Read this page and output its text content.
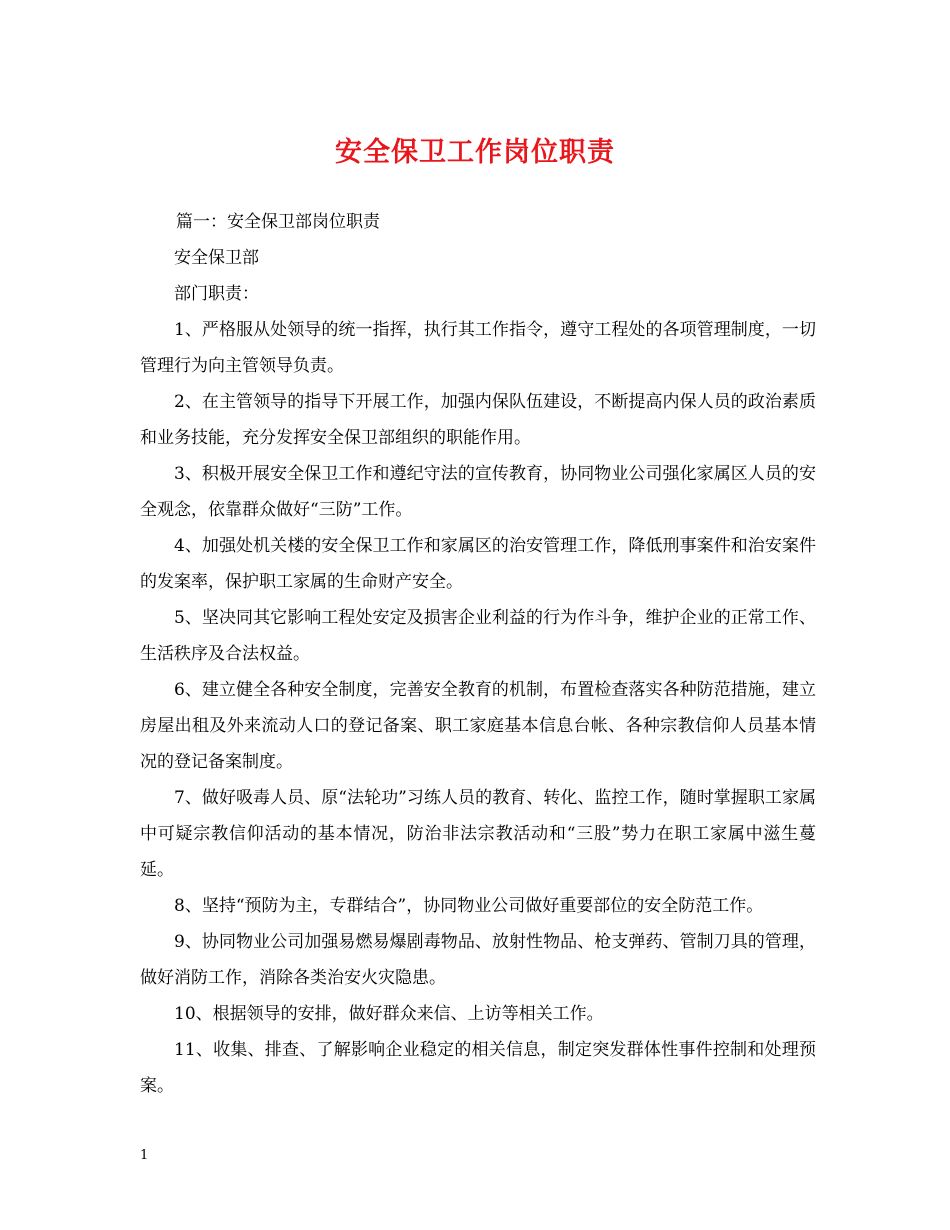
安全保卫工作岗位职责

篇一：安全保卫部岗位职责

安全保卫部

部门职责：

1、严格服从处领导的统一指挥，执行其工作指令，遵守工程处的各项管理制度，一切管理行为向主管领导负责。

2、在主管领导的指导下开展工作，加强内保队伍建设，不断提高内保人员的政治素质和业务技能，充分发挥安全保卫部组织的职能作用。

3、积极开展安全保卫工作和遵纪守法的宣传教育，协同物业公司强化家属区人员的安全观念，依靠群众做好“三防”工作。

4、加强处机关楼的安全保卫工作和家属区的治安管理工作，降低刑事案件和治安案件的发案率，保护职工家属的生命财产安全。

5、坚决同其它影响工程处安定及损害企业利益的行为作斗争，维护企业的正常工作、生活秩序及合法权益。

6、建立健全各种安全制度，完善安全教育的机制，布置检查落实各种防范措施，建立房屋出租及外来流动人口的登记备案、职工家庭基本信息台帐、各种宗教信仰人员基本情况的登记备案制度。

7、做好吸毒人员、原“法轮功”习练人员的教育、转化、监控工作，随时掌握职工家属中可疑宗教信仰活动的基本情况，防治非法宗教活动和“三股”势力在职工家属中滋生蔓延。

8、坚持“预防为主，专群结合”，协同物业公司做好重要部位的安全防范工作。

9、协同物业公司加强易燃易爆剧毒物品、放射性物品、枪支弹药、管制刀具的管理，做好消防工作，消除各类治安火灾隐患。

10、根据领导的安排，做好群众来信、上访等相关工作。

11、收集、排查、了解影响企业稳定的相关信息，制定突发群体性事件控制和处理预案。

1
